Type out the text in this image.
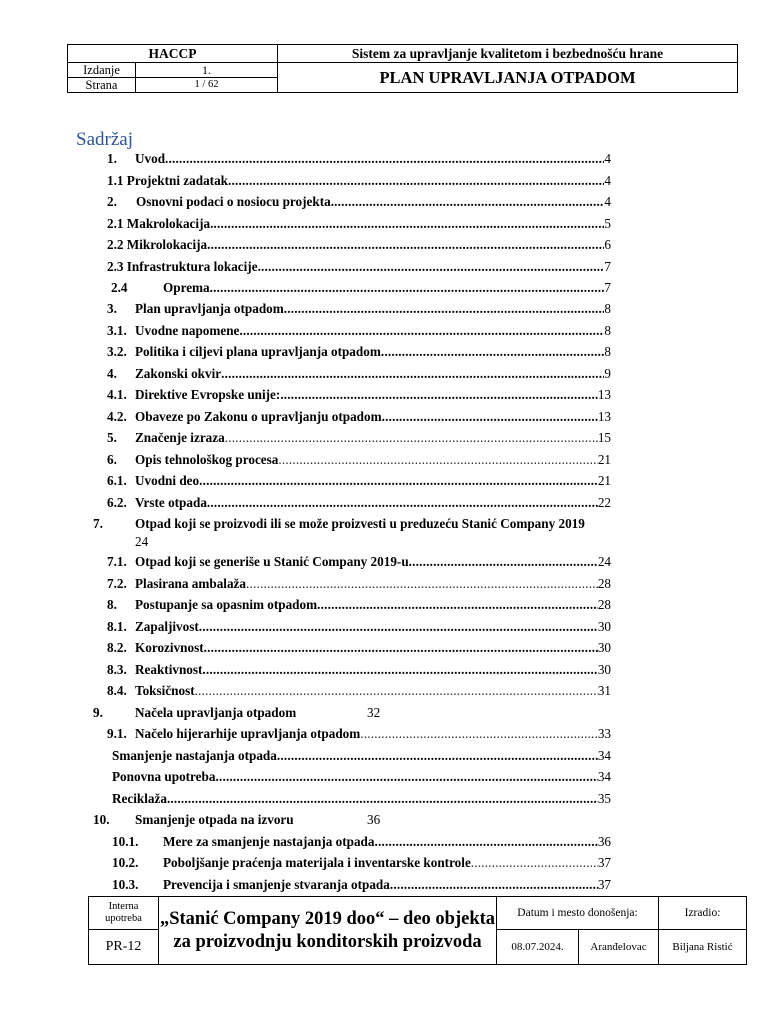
HACCP		Sistem za upravljanje kvalitetom i bezbednošću hrane
Izdanje	1.	PLAN UPRAVLJANJA OTPADOM
Strana	1 / 62	
Sadržaj
1. Uvod .....	4
1.1 Projektni zadatak .....	4
2. Osnovni podaci o nosiocu projekta .....	4
2.1 Makrolokacija .....	5
2.2 Mikrolokacija .....	6
2.3 Infrastruktura lokacije .....	7
2.4	Oprema .....	7
3. Plan upravljanja otpadom .....	8
3.1. Uvodne napomene .....	8
3.2. Politika i ciljevi plana upravljanja otpadom .....	8
4. Zakonski okvir .....	9
4.1. Direktive Evropske unije: .....	13
4.2. Obaveze po Zakonu o upravljanju otpadom .....	13
5. Značenje izraza .....	15
6. Opis tehnološkog procesa .....	21
6.1. Uvodni deo .....	21
6.2. Vrste otpada .....	22
7. Otpad koji se proizvodi ili se može proizvesti u preduzeću Stanić Company 2019
24
7.1. Otpad koji se generiše u Stanić Company 2019-u .....	24
7.2. Plasirana ambalaža .....	28
8. Postupanje sa opasnim otpadom .....	28
8.1. Zapaljivost .....	30
8.2. Korozivnost .....	30
8.3. Reaktivnost .....	30
8.4. Toksičnost .....	31
9. Načela upravljanja otpadom	32
9.1. Načelo hijerarhije upravljanja otpadom .....	33
Smanjenje nastajanja otpada .....	34
Ponovna upotreba .....	34
Reciklaža .....	35
10. Smanjenje otpada na izvoru	36
10.1. Mere za smanjenje nastajanja otpada .....	36
10.2. Poboljšanje praćenja materijala i inventarske kontrole .....	37
10.3. Prevencija i smanjenje stvaranja otpada .....	37
Interna upotreba	„Stanić Company 2019 doo“ – deo objekta za proizvodnju konditorskih proizvoda	Datum i mesto donošenja:		Izradio:
PR-12		08.07.2024.	Aranđelovac	Biljana Ristić
